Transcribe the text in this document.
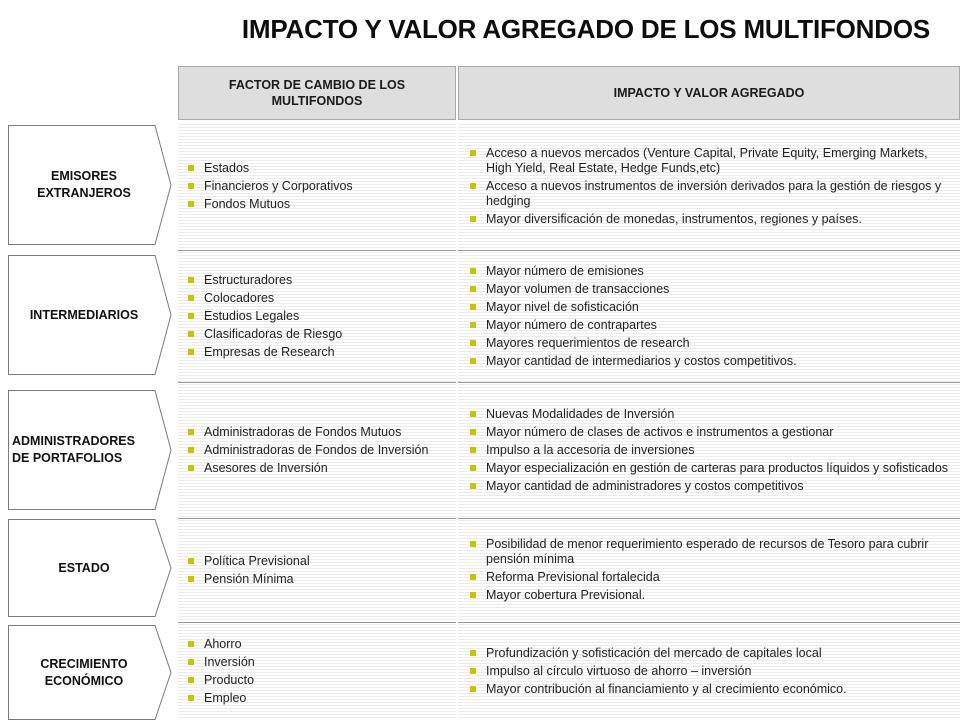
IMPACTO Y VALOR AGREGADO DE LOS MULTIFONDOS
FACTOR DE CAMBIO DE LOS MULTIFONDOS
IMPACTO Y VALOR AGREGADO
EMISORES
EXTRANJEROS
Estados
Financieros y Corporativos
Fondos Mutuos
Acceso a nuevos mercados (Venture Capital, Private Equity, Emerging Markets, High Yield, Real Estate, Hedge Funds,etc)
Acceso a nuevos instrumentos de inversión derivados para la gestión de riesgos y hedging
Mayor diversificación de monedas, instrumentos, regiones y países.
INTERMEDIARIOS
Estructuradores
Colocadores
Estudios Legales
Clasificadoras de Riesgo
Empresas de Research
Mayor número de emisiones
Mayor volumen de transacciones
Mayor nivel de sofisticación
Mayor número de contrapartes
Mayores requerimientos de research
Mayor cantidad de intermediarios y costos competitivos.
ADMINISTRADORES
DE PORTAFOLIOS
Administradoras de Fondos Mutuos
Administradoras de Fondos de Inversión
Asesores de Inversión
Nuevas Modalidades de Inversión
Mayor número de clases de activos e instrumentos a gestionar
Impulso a la accesoria de inversiones
Mayor especialización en gestión de carteras para productos líquidos y sofisticados
Mayor cantidad de administradores y costos competitivos
ESTADO	Política Previsional
Pensión Mínima
Posibilidad de menor requerimiento esperado de recursos de Tesoro para cubrir pensión mínima
Reforma Previsional fortalecida
Mayor cobertura Previsional.
CRECIMIENTO
ECONÓMICO
Ahorro
Inversión
Producto
Empleo
Profundización y sofisticación del mercado de capitales local
Impulso al círculo virtuoso de ahorro – inversión
Mayor contribución al financiamiento y al crecimiento económico.
